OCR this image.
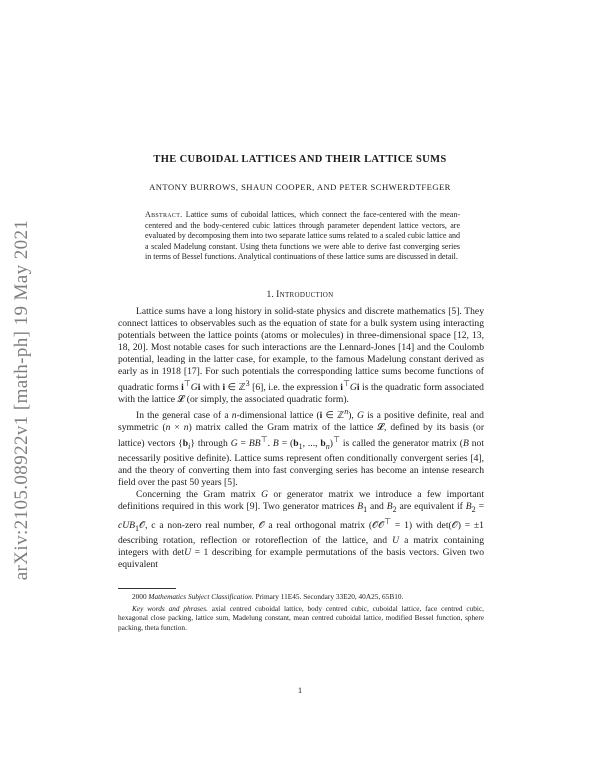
arXiv:2105.08922v1 [math-ph] 19 May 2021
THE CUBOIDAL LATTICES AND THEIR LATTICE SUMS
ANTONY BURROWS, SHAUN COOPER, AND PETER SCHWERDTFEGER
Abstract. Lattice sums of cuboidal lattices, which connect the face-centered with the mean-centered and the body-centered cubic lattices through parameter dependent lattice vectors, are evaluated by decomposing them into two separate lattice sums related to a scaled cubic lattice and a scaled Madelung constant. Using theta functions we were able to derive fast converging series in terms of Bessel functions. Analytical continuations of these lattice sums are discussed in detail.
1. Introduction

Lattice sums have a long history in solid-state physics and discrete mathematics [5]. They connect lattices to observables such as the equation of state for a bulk system using interacting potentials between the lattice points (atoms or molecules) in three-dimensional space [12, 13, 18, 20]. Most notable cases for such interactions are the Lennard-Jones [14] and the Coulomb potential, leading in the latter case, for example, to the famous Madelung constant derived as early as in 1918 [17]. For such potentials the corresponding lattice sums become functions of quadratic forms i⊤Gi with i ∈ ℤ$^3$ [6], i.e. the expression i⊤Gi is the quadratic form associated with the lattice 𝓛 (or simply, the associated quadratic form).

In the general case of a n-dimensional lattice (i ∈ ℤ$^n$), G is a positive definite, real and symmetric (n × n) matrix called the Gram matrix of the lattice 𝓛, defined by its basis (or lattice) vectors $\{b_i\}$ through G = BB⊤. $B = (b_1$, ..., $b_n)^⊤$ is called the generator matrix (B not necessarily positive definite). Lattice sums represent often conditionally convergent series [4], and the theory of converting them into fast converging series has become an intense research field over the past 50 years [5].

Concerning the Gram matrix G or generator matrix we introduce a few important definitions required in this work [9]. Two generator matrices $B_1$ and $B_2$ are equivalent if $B_2$ = cUB$_1$𝒪, c a non-zero real number, 𝒪 a real orthogonal matrix (𝒪𝒪⊤ = 1) with det(𝒪) = ±1 describing rotation, reflection or rotoreflection of the lattice, and U a matrix containing integers with detU = 1 describing for example permutations of the basis vectors. Given two equivalent

2000 Mathematics Subject Classification. Primary 11E45. Secondary 33E20, 40A25, 65B10.

Key words and phrases. axial centred cuboidal lattice, body centred cubic, cuboidal lattice, face centred cubic, hexagonal close packing, lattice sum, Madelung constant, mean centred cuboidal lattice, modified Bessel function, sphere packing, theta function.

1
